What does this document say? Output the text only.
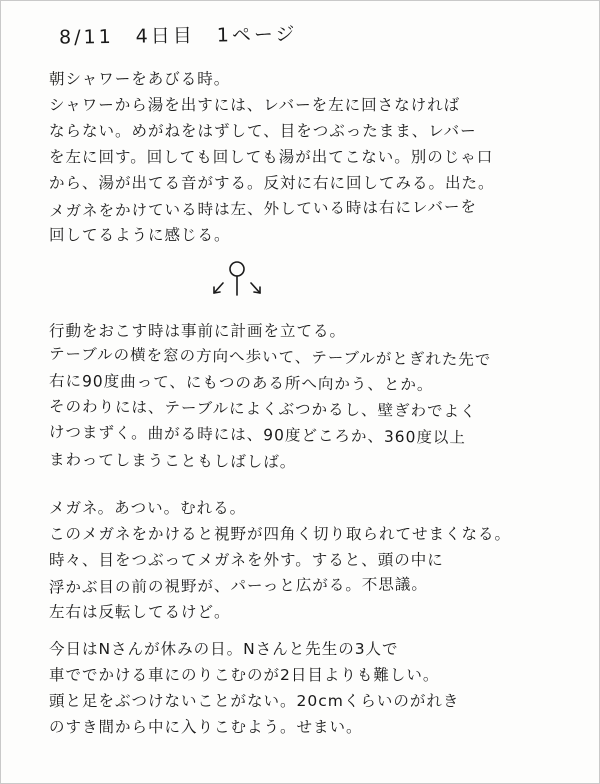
8/11　4日目　1ページ
朝シャワーをあびる時。
シャワーから湯を出すには、レバーを左に回さなければ
ならない。めがねをはずして、目をつぶったまま、レバー
を左に回す。回しても回しても湯が出てこない。別のじゃ口
から、湯が出てる音がする。反対に右に回してみる。出た。
メガネをかけている時は左、外している時は右にレバーを
回してるように感じる。
行動をおこす時は事前に計画を立てる。
テーブルの横を窓の方向へ歩いて、テーブルがとぎれた先で
右に90度曲って、にもつのある所へ向かう、とか。
そのわりには、テーブルによくぶつかるし、壁ぎわでよく
けつまずく。曲がる時には、90度どころか、360度以上
まわってしまうこともしばしば。
メガネ。あつい。むれる。
このメガネをかけると視野が四角く切り取られてせまくなる。
時々、目をつぶってメガネを外す。すると、頭の中に
浮かぶ目の前の視野が、パーっと広がる。不思議。
左右は反転してるけど。
今日はNさんが休みの日。Nさんと先生の3人で
車ででかける車にのりこむのが2日目よりも難しい。
頭と足をぶつけないことがない。20cmくらいのがれき
のすき間から中に入りこむよう。せまい。
